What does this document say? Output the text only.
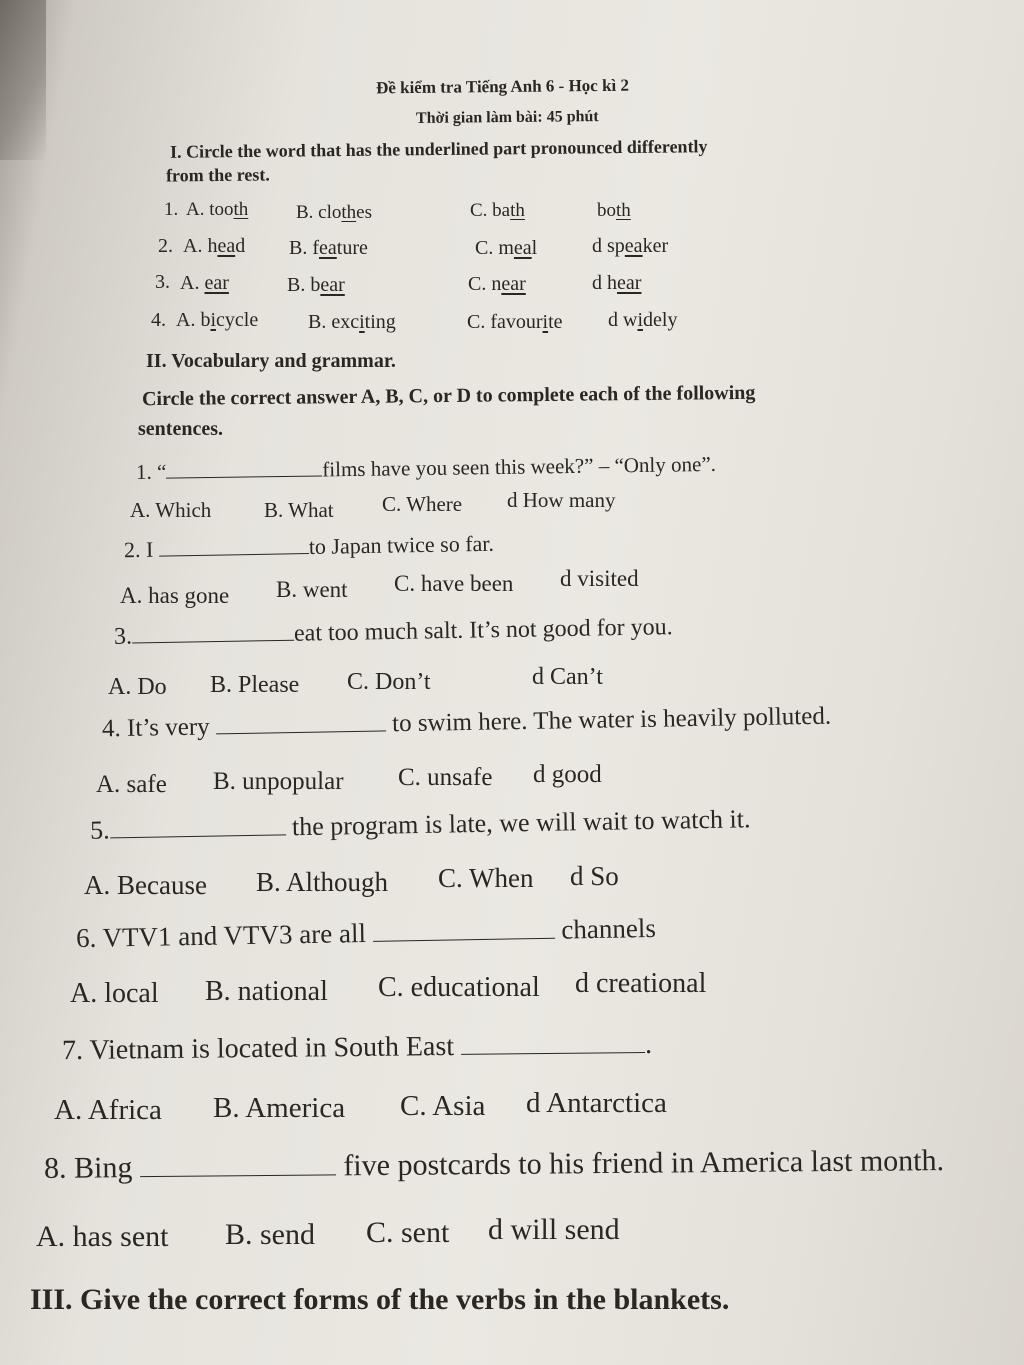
Đề kiểm tra Tiếng Anh 6 - Học kì 2
Thời gian làm bài: 45 phút
I. Circle the word that has the underlined part pronounced differently
from the rest.
1. A. tooth	B. clothes	C. bath	both
2. A. head B. feature	C. meal	d speaker
3. A. ear	B. bear	C. near	d hear
4. A. bicycle B. exciting	C. favourite d widely
II. Vocabulary and grammar.
Circle the correct answer A, B, C, or D to complete each of the following
sentences.
1. “	films have you seen this week?” – “Only one”.
A. Which	B. What C. Where d How many
2. I	to Japan twice so far.
A. has gone B. went C. have been d visited
3.	eat too much salt. It’s not good for you.
A. Do B. Please C. Don’t	d Can’t
4. It’s very	to swim here. The water is heavily polluted.
A. safe B. unpopular C. unsafe d good
5.	the program is late, we will wait to watch it.
A. Because B. Although C. When d So
6. VTV1 and VTV3 are all	channels
A. local B. national C. educational d creational
7. Vietnam is located in South East	.
A. Africa B. America C. Asia d Antarctica
8. Bing	five postcards to his friend in America last month.
A. has sent B. send C. sent d will send
III. Give the correct forms of the verbs in the blankets.
